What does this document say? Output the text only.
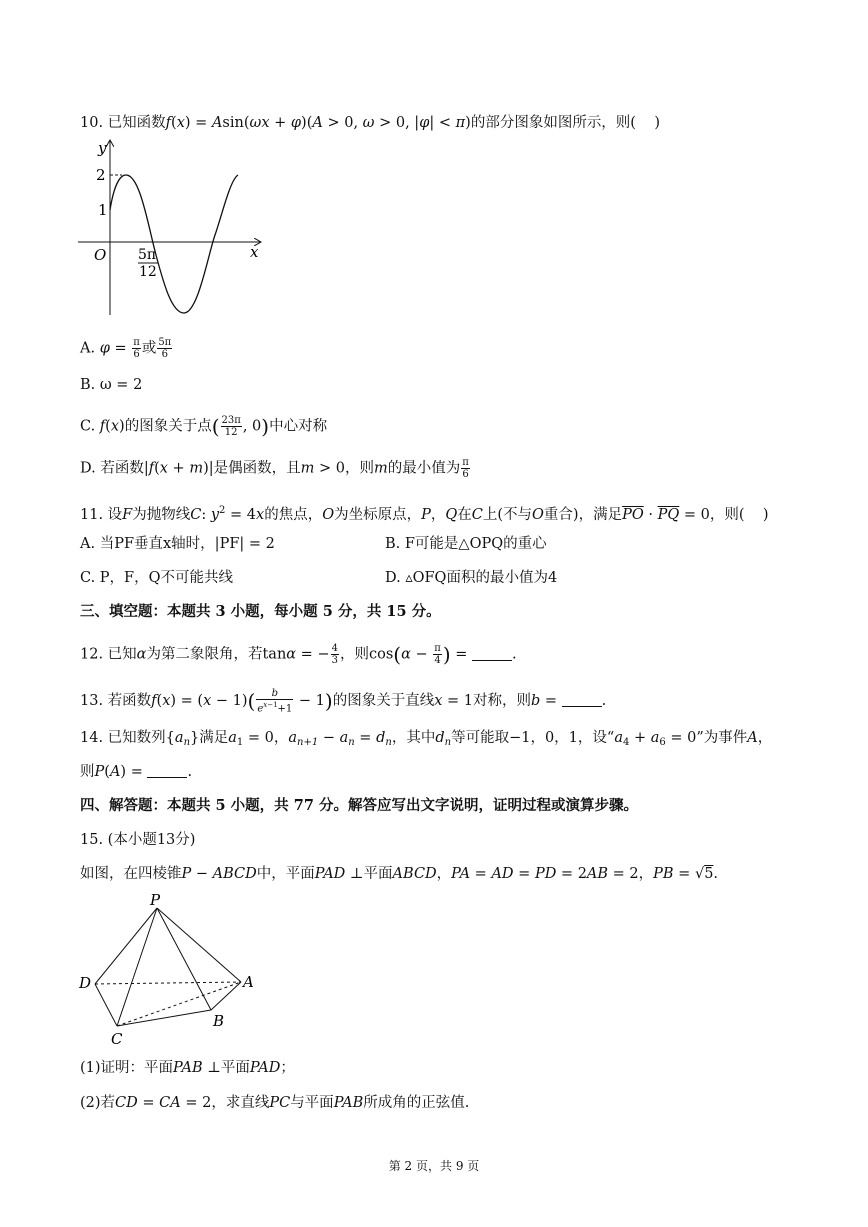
10. 已知函数f(x) = Asin(ωx + φ)(A > 0, ω > 0, |φ| < π)的部分图象如图所示，则(    )
y
x
O
2
1
5π
12
A. $\varphi = \frac{\pi}{6}$ 或 $\frac{5\pi}{6}$
B. ω = 2
C. f(x)的图象关于点( $\frac{23\pi}{12}$ , 0)中心对称
D. 若函数|f(x + m)|是偶函数，且m > 0，则m的最小值为 $\frac{\pi}{6}$
11. 设F为抛物线C: $y^2 = 4x$的焦点，O为坐标原点，P，Q在C上(不与O重合)，满足$\overline{PO} \cdot \overline{PQ} = 0$，则(    )
A. 当PF垂直x轴时，|PF| = 2	B. F可能是△OPQ的重心
C. P，F，Q不可能共线	D. ▵OFQ面积的最小值为4
三、填空题：本题共 3 小题，每小题 5 分，共 15 分。
12. 已知α为第二象限角，若tanα = − $\frac{4}{3}$ ，则$\cos(\alpha - \frac{\pi}{4}$ ) =	.
13. 若函数$f(x) = (x - 1)( \frac{b}{e^{x-1}+1} - 1)$的图象关于直线x = 1对称，则b =	.
14. 已知数列$\{a_n\}$满足$a_1 = 0$，$a_{n+1} - a_n = d_n$，其中$d_n$等可能取−1，0，1，设“$a_4 + a_6 = 0$”为事件A，
则P(A) =	.
四、解答题：本题共 5 小题，共 77 分。解答应写出文字说明，证明过程或演算步骤。
15. (本小题13分)
如图，在四棱锥P − ABCD中，平面PAD ⊥平面ABCD，PA = AD = PD = 2AB = 2，PB = √5.
P
D	A
B
C
(1)证明：平面PAB ⊥平面PAD；
(2)若CD = CA = 2，求直线PC与平面PAB所成角的正弦值.
第 2 页，共 9 页
